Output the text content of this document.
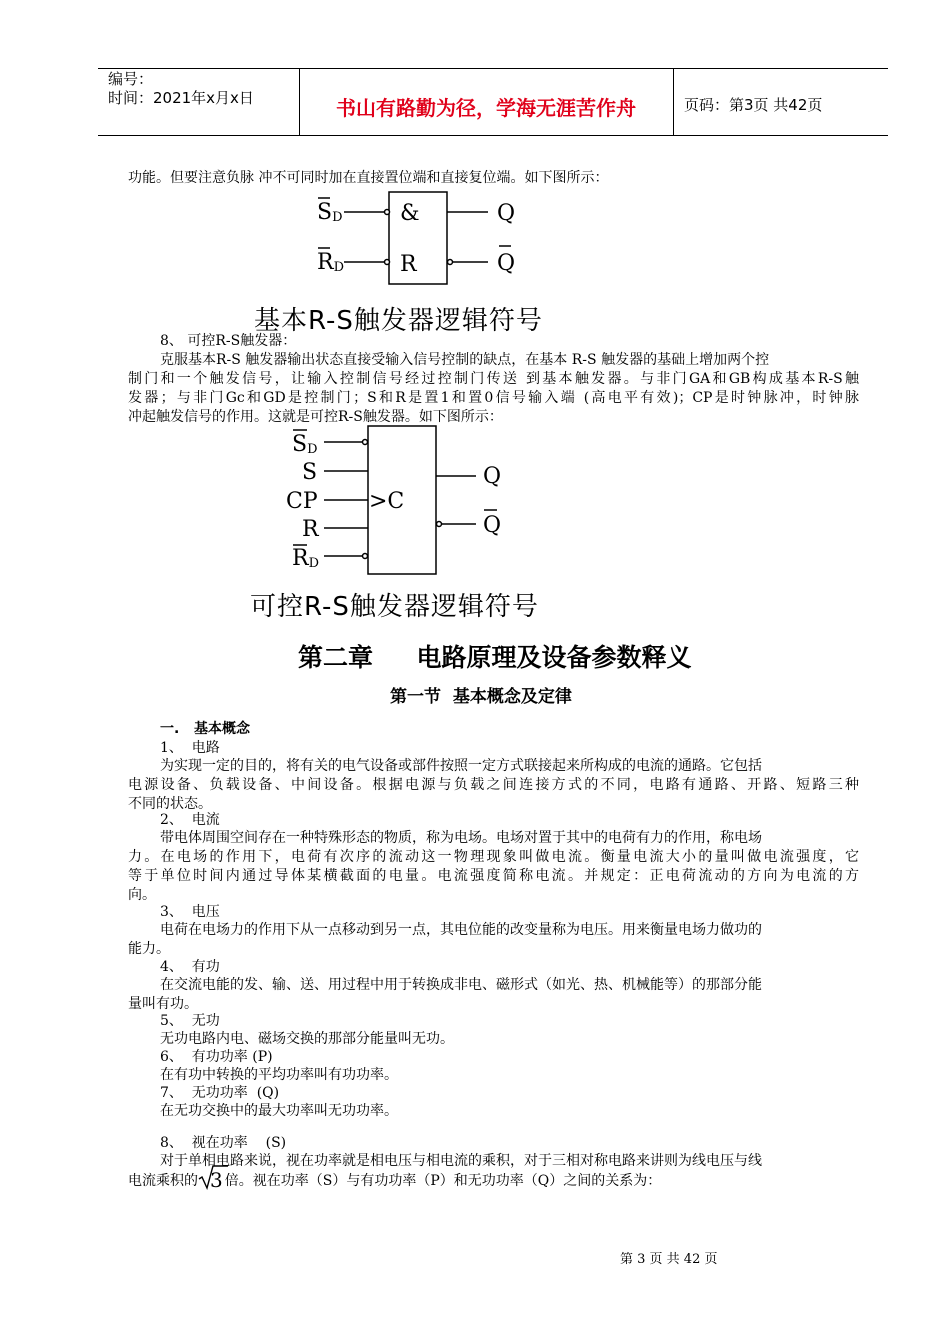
编号：
时间：2021年x月x日	书山有路勤为径，学海无涯苦作舟	页码：第3页 共42页
功能。但要注意负脉 冲不可同时加在直接置位端和直接复位端。如下图所示：
SD
RD
&
R
Q
Q
基本R-S触发器逻辑符号
8、 可控R-S触发器：
克服基本R-S 触发器输出状态直接受输入信号控制的缺点，在基本 R-S 触发器的基础上增加两个控
制门和一个触发信号，让输入控制信号经过控制门传送 到基本触发器。与非门GA和GB构成基本R-S触
发器；与非门Gc和GD是控制门；S和R是置1和置0信号输入端 (高电平有效)；CP是时钟脉冲，时钟脉
冲起触发信号的作用。这就是可控R-S触发器。如下图所示：
SD
S
CP
R
RD
>C
Q
Q
可控R-S触发器逻辑符号
第二章     电路原理及设备参数释义
第一节  基本概念及定律
一.   基本概念
1、  电路
为实现一定的目的，将有关的电气设备或部件按照一定方式联接起来所构成的电流的通路。它包括
电源设备、负载设备、中间设备。根据电源与负载之间连接方式的不同，电路有通路、开路、短路三种
不同的状态。
2、  电流
带电体周围空间存在一种特殊形态的物质，称为电场。电场对置于其中的电荷有力的作用，称电场
力。在电场的作用下，电荷有次序的流动这一物理现象叫做电流。衡量电流大小的量叫做电流强度，它
等于单位时间内通过导体某横截面的电量。电流强度简称电流。并规定：正电荷流动的方向为电流的方
向。
3、  电压
电荷在电场力的作用下从一点移动到另一点，其电位能的改变量称为电压。用来衡量电场力做功的
能力。
4、  有功
在交流电能的发、输、送、用过程中用于转换成非电、磁形式（如光、热、机械能等）的那部分能
量叫有功。
5、  无功
无功电路内电、磁场交换的那部分能量叫无功。
6、  有功功率 (P)
在有功中转换的平均功率叫有功功率。
7、  无功功率  (Q)
在无功交换中的最大功率叫无功功率。
8、  视在功率    (S)
对于单相电路来说，视在功率就是相电压与相电流的乘积，对于三相对称电路来讲则为线电压与线
电流乘积的 3 倍。视在功率（S）与有功功率（P）和无功功率（Q）之间的关系为：
第 3 页 共 42 页
